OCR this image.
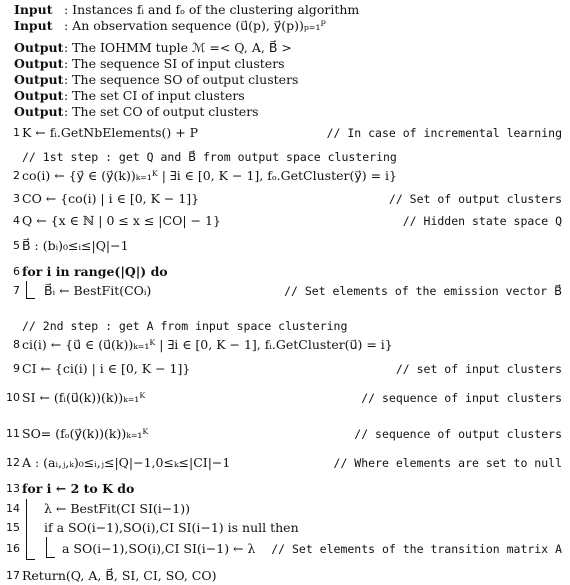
Input : Instances fᵢ and fₒ of the clustering algorithm
Input : An observation sequence (u⃗(p), y⃗(p))ₚ₌₁ᴾ
Output: The IOHMM tuple ℳ =< Q, A, B⃗ >
Output: The sequence SI of input clusters
Output: The sequence SO of output clusters
Output: The set CI of input clusters
Output: The set CO of output clusters
1 K ← fᵢ.GetNbElements() + P	// In case of incremental learning
// 1st step : get Q and B⃗ from output space clustering
2 co(i) ← {y⃗ ∈ (y⃗(k))ₖ₌₁ᴷ | ∃i ∈ [0, K − 1], fₒ.GetCluster(y⃗) = i}
3 CO ← {co(i) | i ∈ [0, K − 1]}	// Set of output clusters
4 Q ← {x ∈ ℕ | 0 ≤ x ≤ |CO| − 1}	// Hidden state space Q
5 B⃗ : (bᵢ)₀≤ᵢ≤|Q|−1
6 for i in range(|Q|) do
7 B⃗ᵢ ← BestFit(COᵢ)	// Set elements of the emission vector B⃗
// 2nd step : get A from input space clustering
8 ci(i) ← {u⃗ ∈ (u⃗(k))ₖ₌₁ᴷ | ∃i ∈ [0, K − 1], fᵢ.GetCluster(u⃗) = i}
9 CI ← {ci(i) | i ∈ [0, K − 1]}	// set of input clusters
10 SI ← (fᵢ(u⃗(k))(k))ₖ₌₁ᴷ	// sequence of input clusters
11 SO= (fₒ(y⃗(k))(k))ₖ₌₁ᴷ	// sequence of output clusters
12 A : (aᵢ,ⱼ,ₖ)₀≤ᵢ,ⱼ≤|Q|−1,0≤ₖ≤|CI|−1	// Where elements are set to null
13 for i ← 2 to K do
14 λ ← BestFit(CI SI(i−1))
15 if a SO(i−1),SO(i),CI SI(i−1) is null then
16	a SO(i−1),SO(i),CI SI(i−1) ← λ // Set elements of the transition matrix A
17 Return(Q, A, B⃗, SI, CI, SO, CO)
